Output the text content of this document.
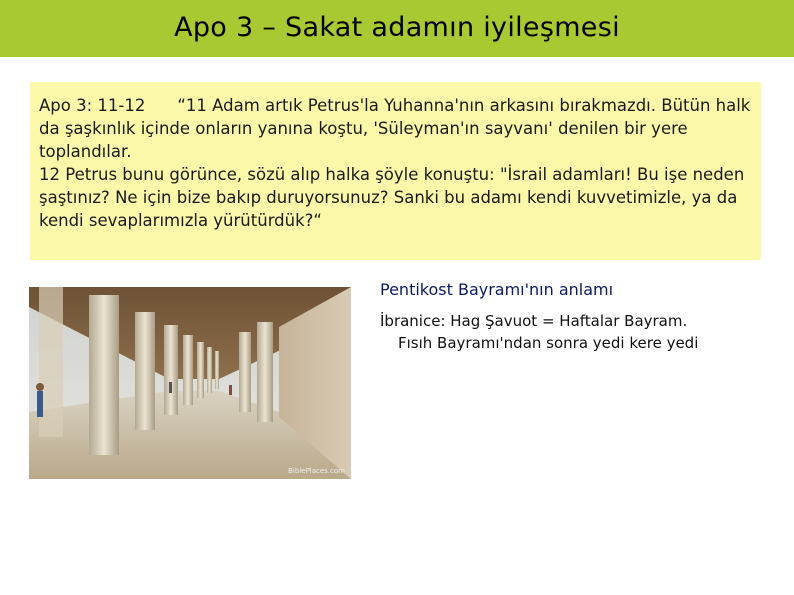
Apo 3 – Sakat adamın iyileşmesi

Apo 3: 11-12 “11 Adam artık Petrus'la Yuhanna'nın arkasını bırakmazdı. Bütün halk da şaşkınlık içinde onların yanına koştu, 'Süleyman'ın sayvanı' denilen bir yere toplandılar.
12 Petrus bunu görünce, sözü alıp halka şöyle konuştu: "İsrail adamları! Bu işe neden şaştınız? Ne için bize bakıp duruyorsunuz? Sanki bu adamı kendi kuvvetimizle, ya da kendi sevaplarımızla yürütürdük?“

BiblePlaces.com
Pentikost Bayramı'nın anlamı

İbranice: Hag Şavuot = Haftalar Bayram.
Fısıh Bayramı'ndan sonra yedi kere yedi
